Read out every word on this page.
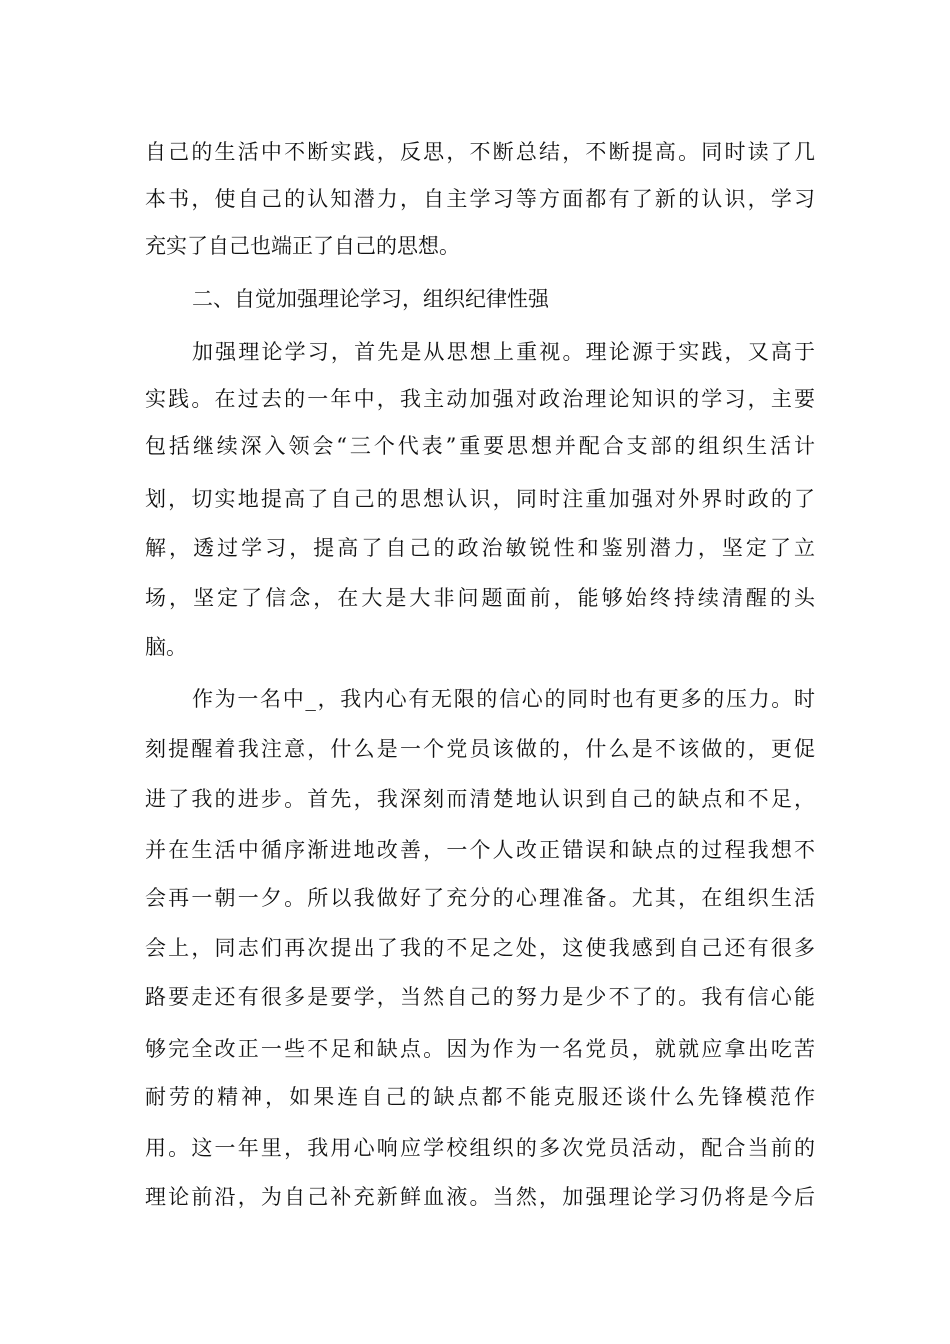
自己的生活中不断实践，反思，不断总结，不断提高。同时读了几
本书，使自己的认知潜力，自主学习等方面都有了新的认识，学习
充实了自己也端正了自己的思想。
二、自觉加强理论学习，组织纪律性强
加强理论学习，首先是从思想上重视。理论源于实践，又高于
实践。在过去的一年中，我主动加强对政治理论知识的学习，主要
包括继续深入领会“三个代表”重要思想并配合支部的组织生活计
划，切实地提高了自己的思想认识，同时注重加强对外界时政的了
解，透过学习，提高了自己的政治敏锐性和鉴别潜力，坚定了立
场，坚定了信念，在大是大非问题面前，能够始终持续清醒的头
脑。
作为一名中_，我内心有无限的信心的同时也有更多的压力。时
刻提醒着我注意，什么是一个党员该做的，什么是不该做的，更促
进了我的进步。首先，我深刻而清楚地认识到自己的缺点和不足，
并在生活中循序渐进地改善，一个人改正错误和缺点的过程我想不
会再一朝一夕。所以我做好了充分的心理准备。尤其，在组织生活
会上，同志们再次提出了我的不足之处，这使我感到自己还有很多
路要走还有很多是要学，当然自己的努力是少不了的。我有信心能
够完全改正一些不足和缺点。因为作为一名党员，就就应拿出吃苦
耐劳的精神，如果连自己的缺点都不能克服还谈什么先锋模范作
用。这一年里，我用心响应学校组织的多次党员活动，配合当前的
理论前沿，为自己补充新鲜血液。当然，加强理论学习仍将是今后
